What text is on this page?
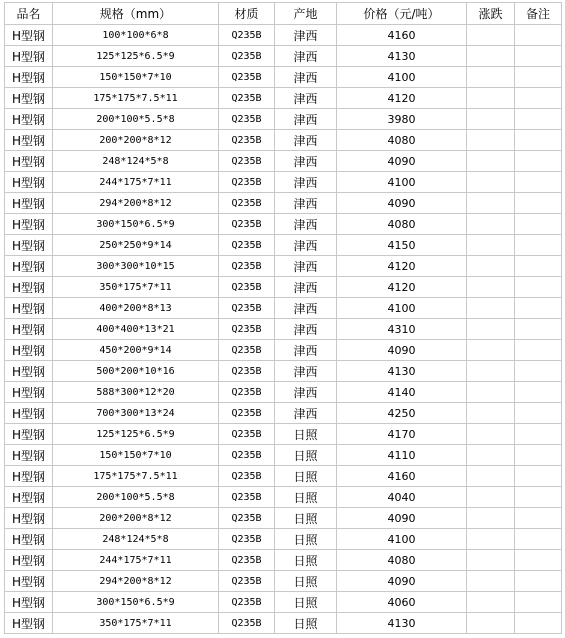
品名	规格（mm）	材质	产地	价格（元/吨）	涨跌	备注
H型钢	100*100*6*8	Q235B	津西	4160		
H型钢	125*125*6.5*9	Q235B	津西	4130		
H型钢	150*150*7*10	Q235B	津西	4100		
H型钢	175*175*7.5*11	Q235B	津西	4120		
H型钢	200*100*5.5*8	Q235B	津西	3980		
H型钢	200*200*8*12	Q235B	津西	4080		
H型钢	248*124*5*8	Q235B	津西	4090		
H型钢	244*175*7*11	Q235B	津西	4100		
H型钢	294*200*8*12	Q235B	津西	4090		
H型钢	300*150*6.5*9	Q235B	津西	4080		
H型钢	250*250*9*14	Q235B	津西	4150		
H型钢	300*300*10*15	Q235B	津西	4120		
H型钢	350*175*7*11	Q235B	津西	4120		
H型钢	400*200*8*13	Q235B	津西	4100		
H型钢	400*400*13*21	Q235B	津西	4310		
H型钢	450*200*9*14	Q235B	津西	4090		
H型钢	500*200*10*16	Q235B	津西	4130		
H型钢	588*300*12*20	Q235B	津西	4140		
H型钢	700*300*13*24	Q235B	津西	4250		
H型钢	125*125*6.5*9	Q235B	日照	4170		
H型钢	150*150*7*10	Q235B	日照	4110		
H型钢	175*175*7.5*11	Q235B	日照	4160		
H型钢	200*100*5.5*8	Q235B	日照	4040		
H型钢	200*200*8*12	Q235B	日照	4090		
H型钢	248*124*5*8	Q235B	日照	4100		
H型钢	244*175*7*11	Q235B	日照	4080		
H型钢	294*200*8*12	Q235B	日照	4090		
H型钢	300*150*6.5*9	Q235B	日照	4060		
H型钢	350*175*7*11	Q235B	日照	4130		
